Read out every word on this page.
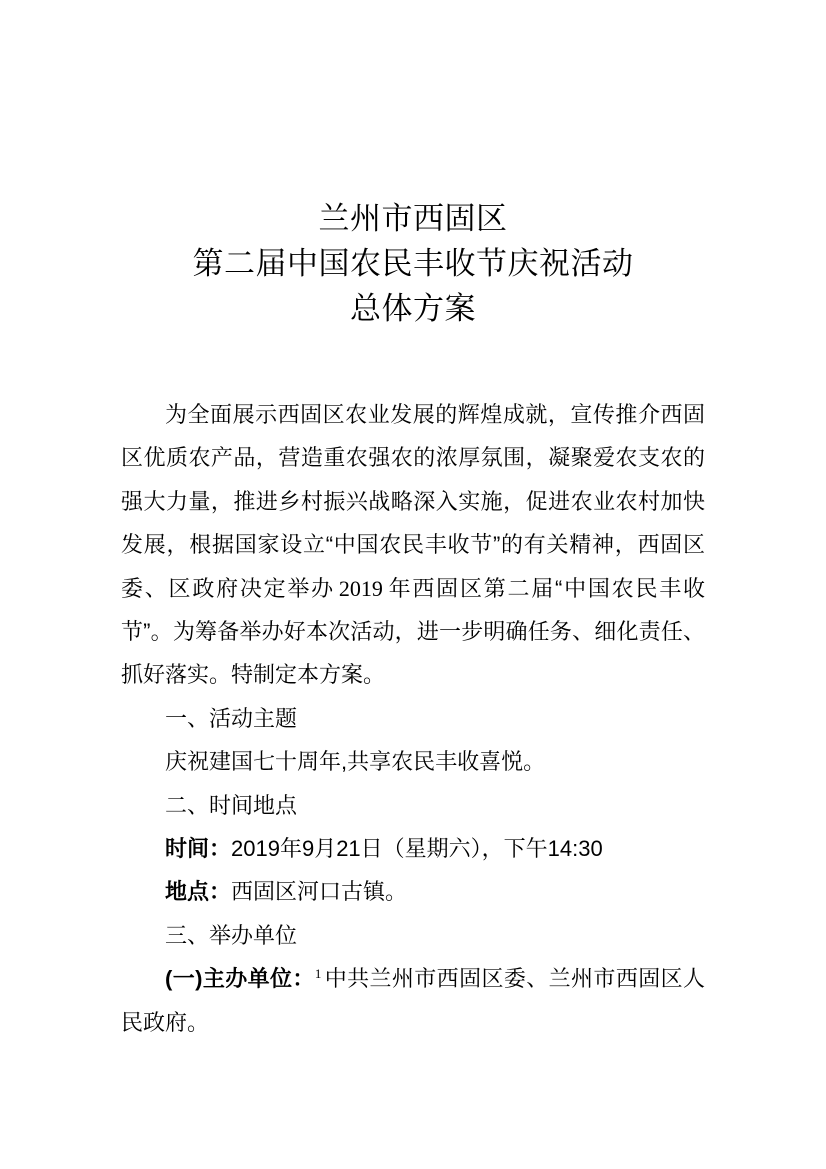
兰州市西固区
第二届中国农民丰收节庆祝活动
总体方案

为全面展示西固区农业发展的辉煌成就，宣传推介西固区优质农产品，营造重农强农的浓厚氛围，凝聚爱农支农的强大力量，推进乡村振兴战略深入实施，促进农业农村加快发展，根据国家设立“中国农民丰收节”的有关精神，西固区委、区政府决定举办 2019 年西固区第二届“中国农民丰收节”。为筹备举办好本次活动，进一步明确任务、细化责任、抓好落实。特制定本方案。

一、活动主题

庆祝建国七十周年,共享农民丰收喜悦。

二、时间地点

时间：2019年9月21日（星期六），下午14:30

地点：西固区河口古镇。

三、举办单位

(一)主办单位：$^1$ 中共兰州市西固区委、兰州市西固区人民政府。
